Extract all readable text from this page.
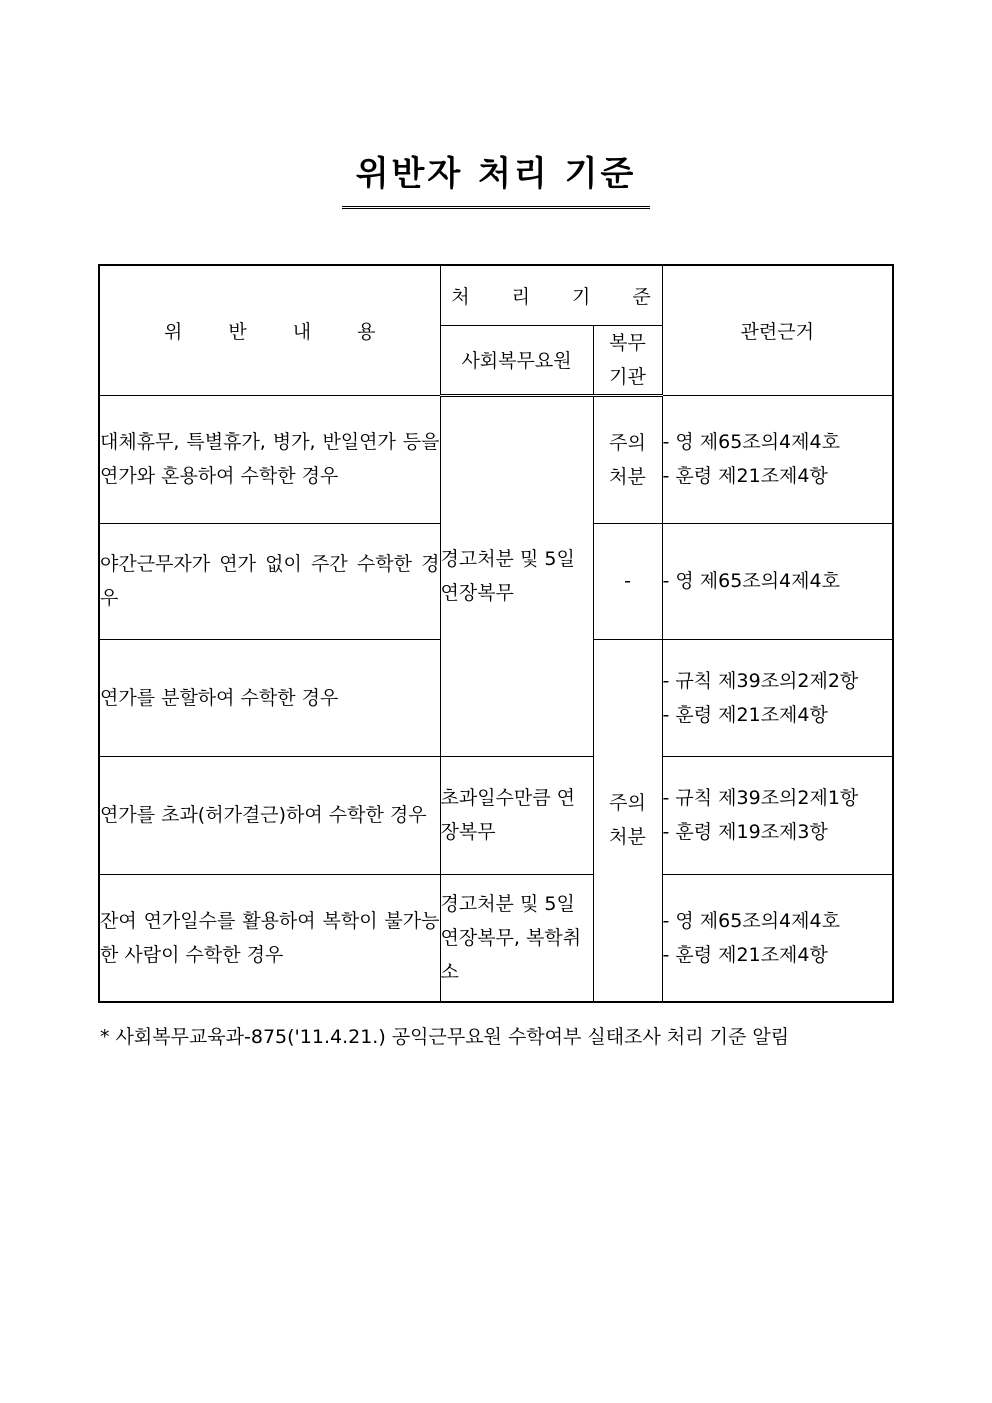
위반자 처리 기준
위 반 내 용	처 리 기 준		관련근거
	사회복무요원	복무 기관	
대체휴무, 특별휴가, 병가, 반일연가 등을 연가와 혼용하여 수학한 경우	경고처분 및 5일 연장복무	주의 처분	- 영 제65조의4제4호
- 훈령 제21조제4항

야간근무자가 연가 없이 주간 수학한 경우		-	- 영 제65조의4제4호

연가를 분할하여 수학한 경우		주의 처분	- 규칙 제39조의2제2항
- 훈령 제21조제4항

연가를 초과(허가결근)하여 수학한 경우	초과일수만큼 연장복무		- 규칙 제39조의2제1항
- 훈령 제19조제3항

잔여 연가일수를 활용하여 복학이 불가능한 사람이 수학한 경우	경고처분 및 5일 연장복무, 복학취소		- 영 제65조의4제4호
- 훈령 제21조제4항
* 사회복무교육과-875('11.4.21.) 공익근무요원 수학여부 실태조사 처리 기준 알림
